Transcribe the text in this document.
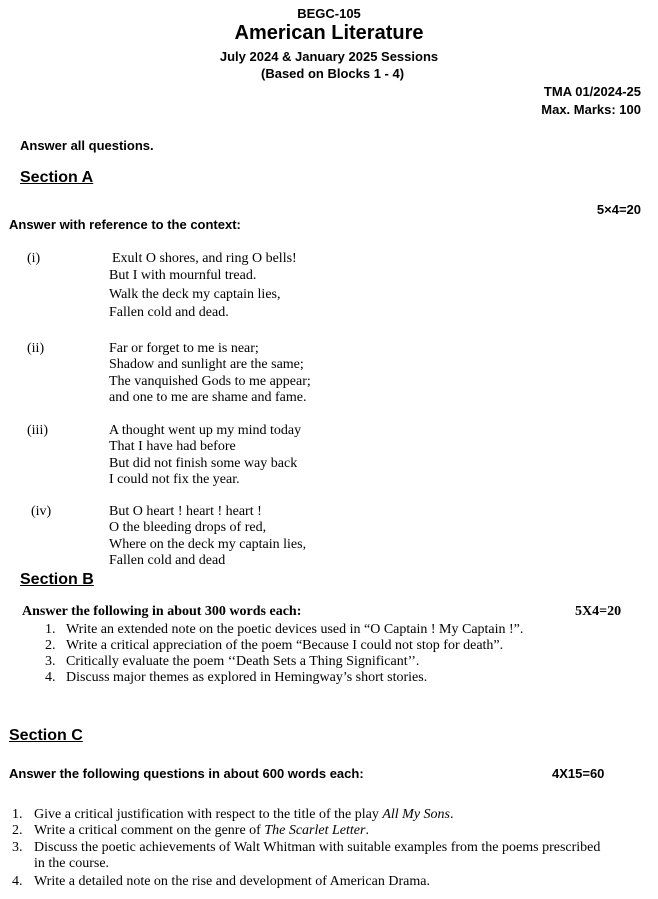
BEGC-105
American Literature
July 2024 & January 2025 Sessions
(Based on Blocks 1 - 4)
TMA 01/2024-25
Max. Marks: 100
Answer all questions.
Section A
5×4=20
Answer with reference to the context:
(i)	Exult O shores, and ring O bells!
But I with mournful tread.
Walk the deck my captain lies,
Fallen cold and dead.
(ii)	Far or forget to me is near;
Shadow and sunlight are the same;
The vanquished Gods to me appear;
and one to me are shame and fame.
(iii)	A thought went up my mind today
That I have had before
But did not finish some way back
I could not fix the year.
(iv)	But O heart ! heart ! heart !
O the bleeding drops of red,
Where on the deck my captain lies,
Fallen cold and dead
Section B
Answer the following in about 300 words each:	5X4=20
1. Write an extended note on the poetic devices used in “O Captain ! My Captain !”.
2. Write a critical appreciation of the poem “Because I could not stop for death”.
3. Critically evaluate the poem ‘‘Death Sets a Thing Significant’’.
4. Discuss major themes as explored in Hemingway’s short stories.
Section C
Answer the following questions in about 600 words each:	4X15=60
1. Give a critical justification with respect to the title of the play All My Sons.
2. Write a critical comment on the genre of The Scarlet Letter.
3. Discuss the poetic achievements of Walt Whitman with suitable examples from the poems prescribed
in the course.
4. Write a detailed note on the rise and development of American Drama.
